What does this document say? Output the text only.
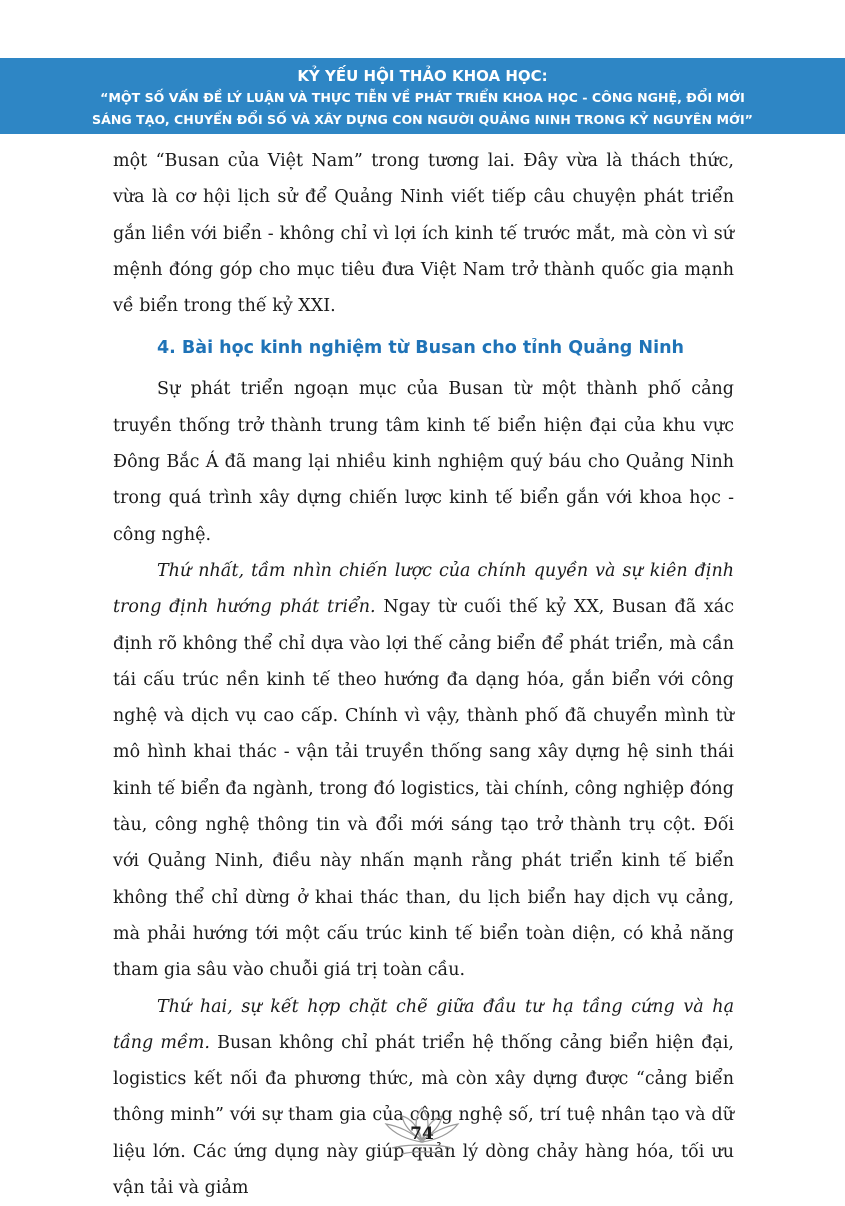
KỶ YẾU HỘI THẢO KHOA HỌC:
“MỘT SỐ VẤN ĐỀ LÝ LUẬN VÀ THỰC TIỄN VỀ PHÁT TRIỂN KHOA HỌC - CÔNG NGHỆ, ĐỔI MỚI
SÁNG TẠO, CHUYỂN ĐỔI SỐ VÀ XÂY DỰNG CON NGƯỜI QUẢNG NINH TRONG KỶ NGUYÊN MỚI”

một “Busan của Việt Nam” trong tương lai. Đây vừa là thách thức, vừa là cơ hội lịch sử để Quảng Ninh viết tiếp câu chuyện phát triển gắn liền với biển - không chỉ vì lợi ích kinh tế trước mắt, mà còn vì sứ mệnh đóng góp cho mục tiêu đưa Việt Nam trở thành quốc gia mạnh về biển trong thế kỷ XXI.

4. Bài học kinh nghiệm từ Busan cho tỉnh Quảng Ninh

Sự phát triển ngoạn mục của Busan từ một thành phố cảng truyền thống trở thành trung tâm kinh tế biển hiện đại của khu vực Đông Bắc Á đã mang lại nhiều kinh nghiệm quý báu cho Quảng Ninh trong quá trình xây dựng chiến lược kinh tế biển gắn với khoa học - công nghệ.

Thứ nhất, tầm nhìn chiến lược của chính quyền và sự kiên định trong định hướng phát triển. Ngay từ cuối thế kỷ XX, Busan đã xác định rõ không thể chỉ dựa vào lợi thế cảng biển để phát triển, mà cần tái cấu trúc nền kinh tế theo hướng đa dạng hóa, gắn biển với công nghệ và dịch vụ cao cấp. Chính vì vậy, thành phố đã chuyển mình từ mô hình khai thác - vận tải truyền thống sang xây dựng hệ sinh thái kinh tế biển đa ngành, trong đó logistics, tài chính, công nghiệp đóng tàu, công nghệ thông tin và đổi mới sáng tạo trở thành trụ cột. Đối với Quảng Ninh, điều này nhấn mạnh rằng phát triển kinh tế biển không thể chỉ dừng ở khai thác than, du lịch biển hay dịch vụ cảng, mà phải hướng tới một cấu trúc kinh tế biển toàn diện, có khả năng tham gia sâu vào chuỗi giá trị toàn cầu.

Thứ hai, sự kết hợp chặt chẽ giữa đầu tư hạ tầng cứng và hạ tầng mềm. Busan không chỉ phát triển hệ thống cảng biển hiện đại, logistics kết nối đa phương thức, mà còn xây dựng được “cảng biển thông minh” với sự tham gia của công nghệ số, trí tuệ nhân tạo và dữ liệu lớn. Các ứng dụng này giúp quản lý dòng chảy hàng hóa, tối ưu vận tải và giảm

74
